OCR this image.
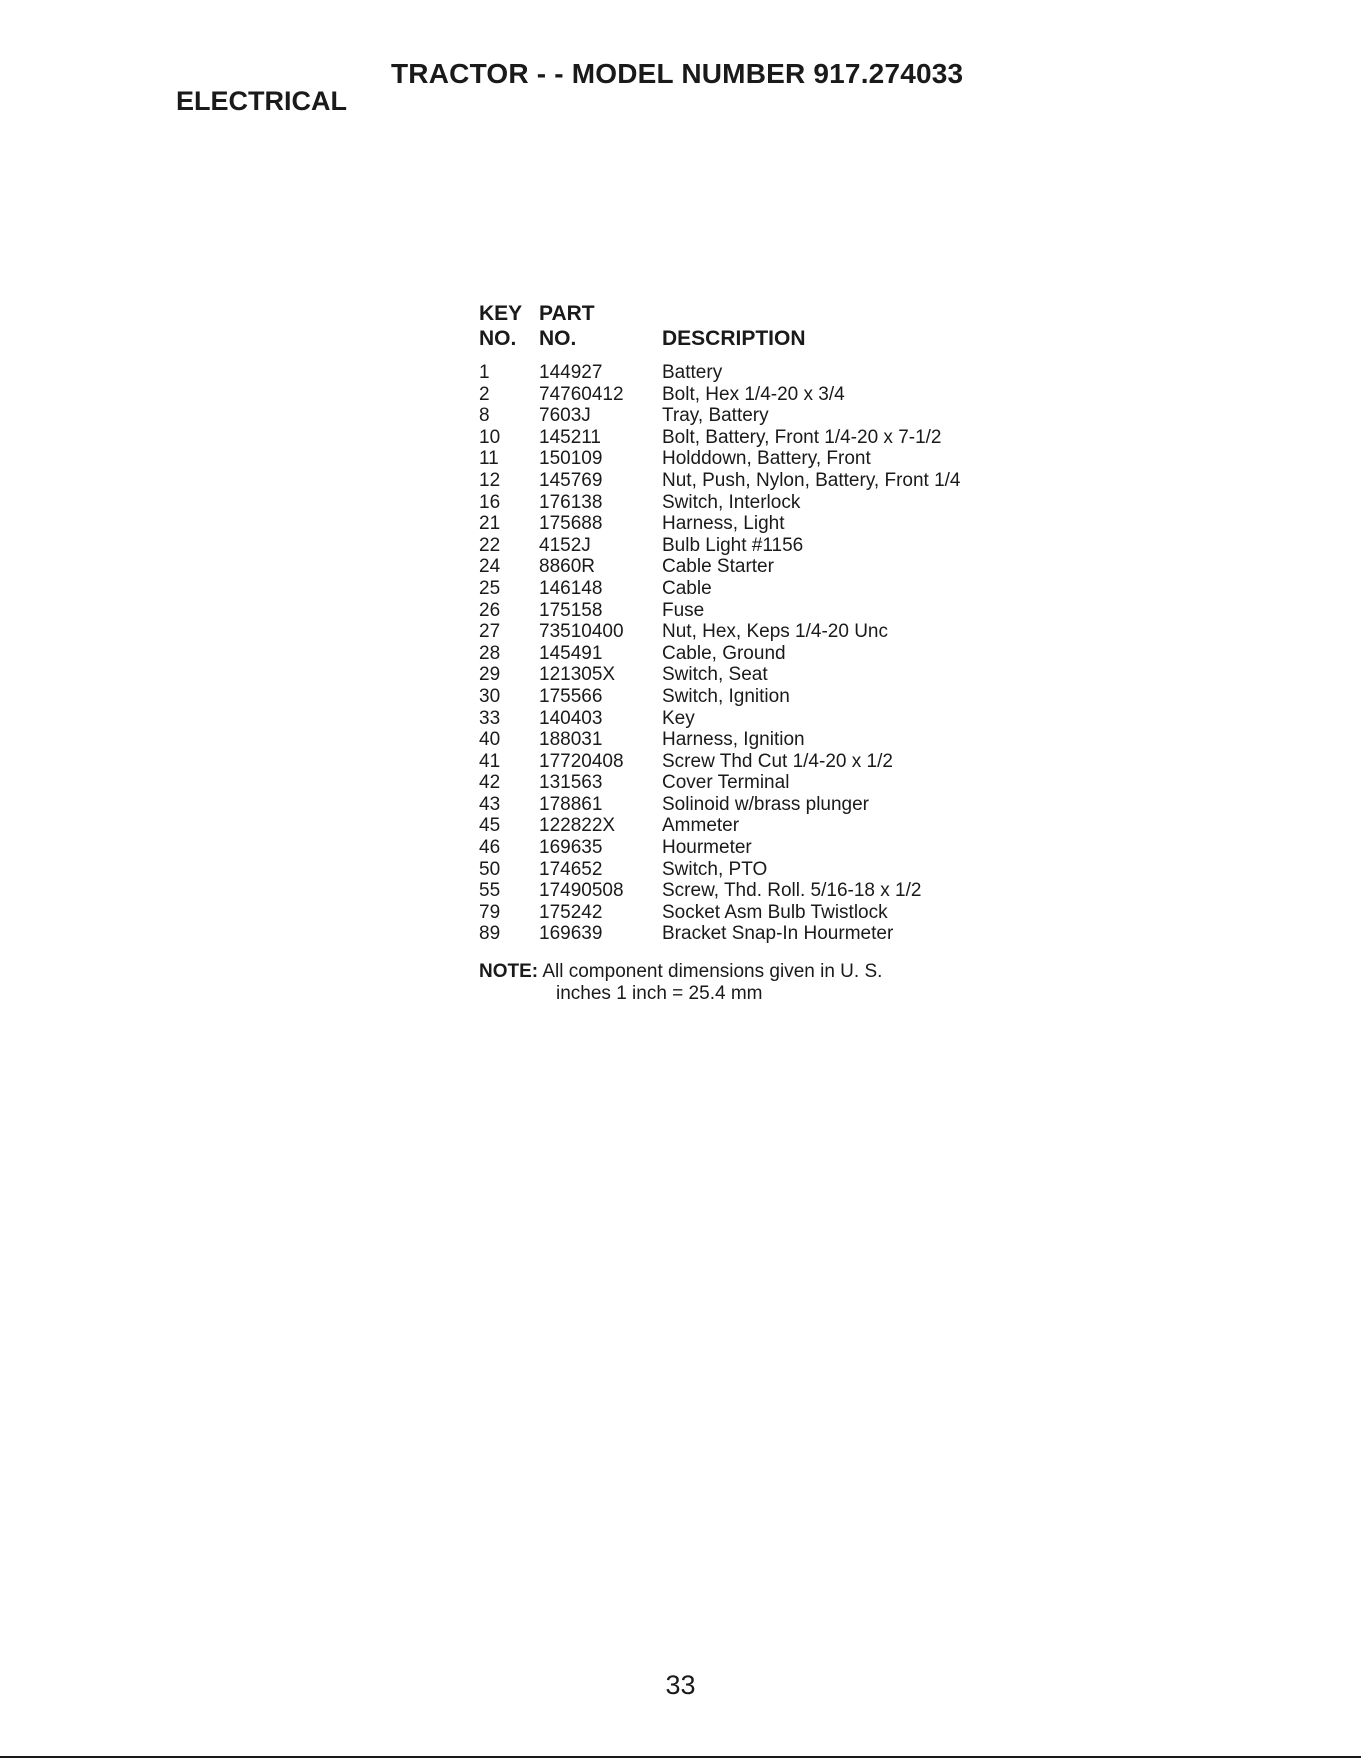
TRACTOR - - MODEL NUMBER 917.274033
ELECTRICAL
KEY PART
NO. NO.	DESCRIPTION
1	144927	Battery
2	74760412 Bolt, Hex 1/4-20 x 3/4
8	7603J	Tray, Battery
10 145211	Bolt, Battery, Front 1/4-20 x 7-1/2
11 150109	Holddown, Battery, Front
12 145769	Nut, Push, Nylon, Battery, Front 1/4
16 176138	Switch, Interlock
21 175688	Harness, Light
22 4152J	Bulb Light #1156
24 8860R	Cable Starter
25 146148	Cable
26 175158	Fuse
27 73510400 Nut, Hex, Keps 1/4-20 Unc
28 145491	Cable, Ground
29 121305X Switch, Seat
30 175566	Switch, Ignition
33 140403	Key
40 188031	Harness, Ignition
41 17720408 Screw Thd Cut 1/4-20 x 1/2
42 131563	Cover Terminal
43 178861	Solinoid w/brass plunger
45 122822X Ammeter
46 169635	Hourmeter
50 174652	Switch, PTO
55 17490508 Screw, Thd. Roll. 5/16-18 x 1/2
79 175242	Socket Asm Bulb Twistlock
89 169639	Bracket Snap-In Hourmeter
NOTE: All component dimensions given in U. S.
inches 1 inch = 25.4 mm
33
